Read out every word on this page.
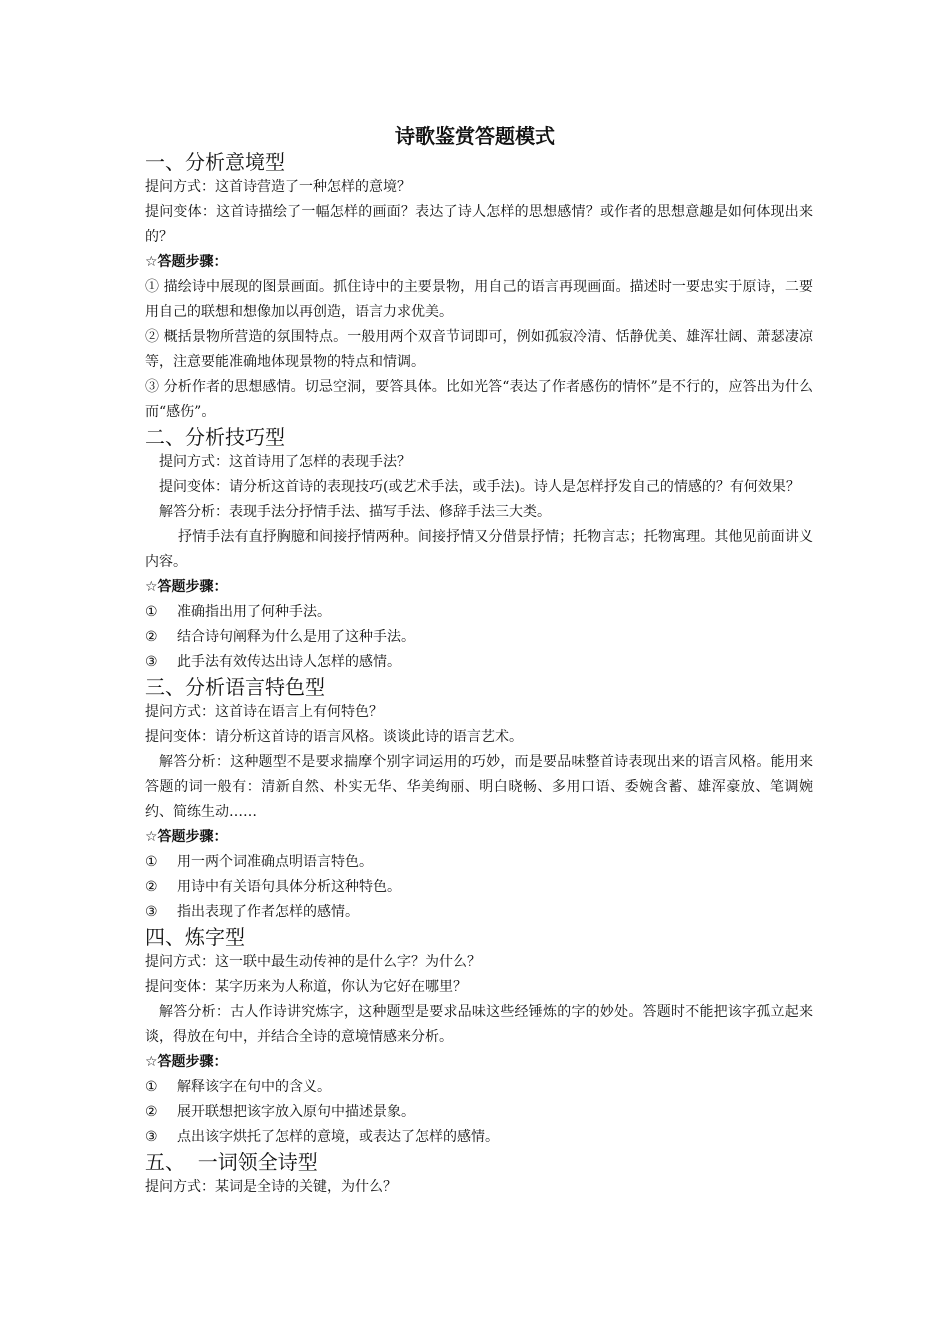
诗歌鉴赏答题模式
一、分析意境型

提问方式：这首诗营造了一种怎样的意境？

提问变体：这首诗描绘了一幅怎样的画面？表达了诗人怎样的思想感情？或作者的思想意趣是如何体现出来的？

☆答题步骤：

① 描绘诗中展现的图景画面。抓住诗中的主要景物，用自己的语言再现画面。描述时一要忠实于原诗，二要用自己的联想和想像加以再创造，语言力求优美。

② 概括景物所营造的氛围特点。一般用两个双音节词即可，例如孤寂冷清、恬静优美、雄浑壮阔、萧瑟凄凉等，注意要能准确地体现景物的特点和情调。

③ 分析作者的思想感情。切忌空洞，要答具体。比如光答“表达了作者感伤的情怀”是不行的，应答出为什么而“感伤”。

二、分析技巧型

提问方式：这首诗用了怎样的表现手法？

提问变体：请分析这首诗的表现技巧(或艺术手法，或手法)。诗人是怎样抒发自己的情感的？有何效果？

解答分析：表现手法分抒情手法、描写手法、修辞手法三大类。

抒情手法有直抒胸臆和间接抒情两种。间接抒情又分借景抒情；托物言志；托物寓理。其他见前面讲义内容。

☆答题步骤：

①	准确指出用了何种手法。

②	结合诗句阐释为什么是用了这种手法。

③	此手法有效传达出诗人怎样的感情。

三、分析语言特色型

提问方式：这首诗在语言上有何特色？

提问变体：请分析这首诗的语言风格。谈谈此诗的语言艺术。

解答分析：这种题型不是要求揣摩个别字词运用的巧妙，而是要品味整首诗表现出来的语言风格。能用来答题的词一般有：清新自然、朴实无华、华美绚丽、明白晓畅、多用口语、委婉含蓄、雄浑豪放、笔调婉约、简练生动……

☆答题步骤：

①	用一两个词准确点明语言特色。

②	用诗中有关语句具体分析这种特色。

③	指出表现了作者怎样的感情。

四、炼字型

提问方式：这一联中最生动传神的是什么字？为什么？

提问变体：某字历来为人称道，你认为它好在哪里？

解答分析：古人作诗讲究炼字，这种题型是要求品味这些经锤炼的字的妙处。答题时不能把该字孤立起来谈，得放在句中，并结合全诗的意境情感来分析。

☆答题步骤：

①	解释该字在句中的含义。

②	展开联想把该字放入原句中描述景象。

③	点出该字烘托了怎样的意境，或表达了怎样的感情。

五、  一词领全诗型

提问方式：某词是全诗的关键，为什么？
